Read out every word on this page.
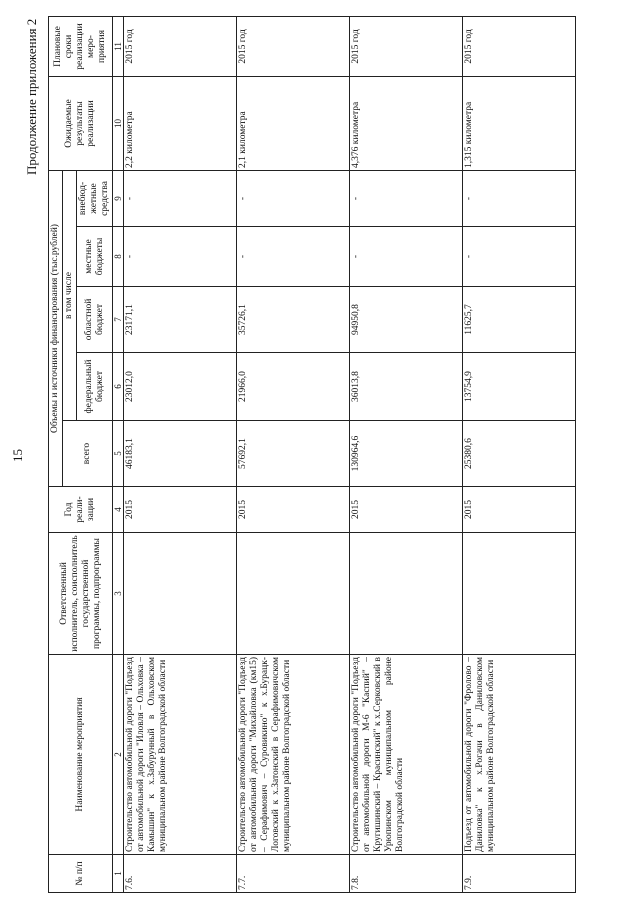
15
Продолжение приложения 2
№ п/п	Наименование мероприятия	Ответственный исполнитель, соисполнитель государственной программы, подпрограммы	Год реали-зации	Объемы и источники финансирования (тыс.рублей)					Ожидаемые результаты реализации	Плановые сроки реализации меро-приятия
				всего	в том числе					
					федеральный бюджет	областной бюджет	местные бюджеты	внебюд-жетные средства		
1	2	3	4	5	6	7	8	9	10	11
7.6.	Строительство автомобильной дороги "Подъезд от автомобильной дороги "Иловля – Ольховка – Камышин" к х.Забурунный в Ольховском муниципальном районе Волгоградской области		2015	46183,1	23012,0	23171,1	-	-	2,2 километра	2015 год
7.7.	Строительство автомобильной дороги "Подъезд от автомобильной дороги "Михайловка (км15) – Серафимович – Суровикино" к х.Бурацк-Логовский к х.Затонский в Серафимовичском муниципальном районе Волгоградской области		2015	57692,1	21966,0	35726,1	-	-	2,1 километра	2015 год
7.8.	Строительство автомобильной дороги "Подъезд от автомобильной дороги М-6 "Каспий" – Кругишинский – Красинский" к х.Серковский в Урюпинском муниципальном районе Волгоградской области		2015	130964,6	36013,8	94950,8	-	-	4,376 километра	2015 год
7.9.	Подъезд от автомобильной дороги "Фролово – Даниловка" к х.Рогачи в Даниловском муниципальном районе Волгоградской области		2015	25380,6	13754,9	11625,7	-	-	1,315 километра	2015 год
